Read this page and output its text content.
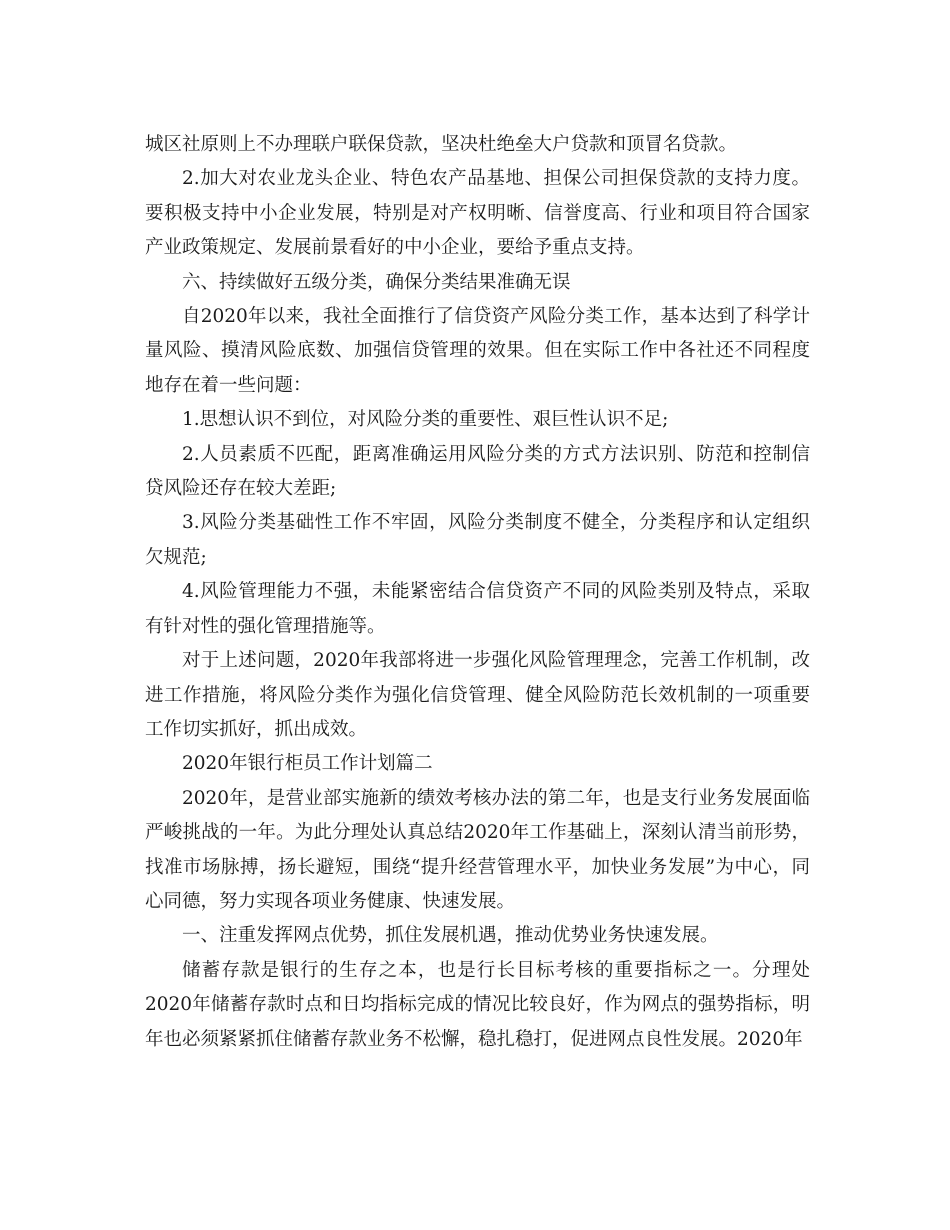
城区社原则上不办理联户联保贷款，坚决杜绝垒大户贷款和顶冒名贷款。

2.加大对农业龙头企业、特色农产品基地、担保公司担保贷款的支持力度。要积极支持中小企业发展，特别是对产权明晰、信誉度高、行业和项目符合国家产业政策规定、发展前景看好的中小企业，要给予重点支持。

六、持续做好五级分类，确保分类结果准确无误

自2020年以来，我社全面推行了信贷资产风险分类工作，基本达到了科学计量风险、摸清风险底数、加强信贷管理的效果。但在实际工作中各社还不同程度地存在着一些问题：

1.思想认识不到位，对风险分类的重要性、艰巨性认识不足;

2.人员素质不匹配，距离准确运用风险分类的方式方法识别、防范和控制信贷风险还存在较大差距;

3.风险分类基础性工作不牢固，风险分类制度不健全，分类程序和认定组织欠规范;

4.风险管理能力不强，未能紧密结合信贷资产不同的风险类别及特点，采取有针对性的强化管理措施等。

对于上述问题，2020年我部将进一步强化风险管理理念，完善工作机制，改进工作措施，将风险分类作为强化信贷管理、健全风险防范长效机制的一项重要工作切实抓好，抓出成效。

2020年银行柜员工作计划篇二

2020年，是营业部实施新的绩效考核办法的第二年，也是支行业务发展面临严峻挑战的一年。为此分理处认真总结2020年工作基础上，深刻认清当前形势，找准市场脉搏，扬长避短，围绕“提升经营管理水平，加快业务发展”为中心，同心同德，努力实现各项业务健康、快速发展。

一、注重发挥网点优势，抓住发展机遇，推动优势业务快速发展。

储蓄存款是银行的生存之本，也是行长目标考核的重要指标之一。分理处2020年储蓄存款时点和日均指标完成的情况比较良好，作为网点的强势指标，明年也必须紧紧抓住储蓄存款业务不松懈，稳扎稳打，促进网点良性发展。2020年
